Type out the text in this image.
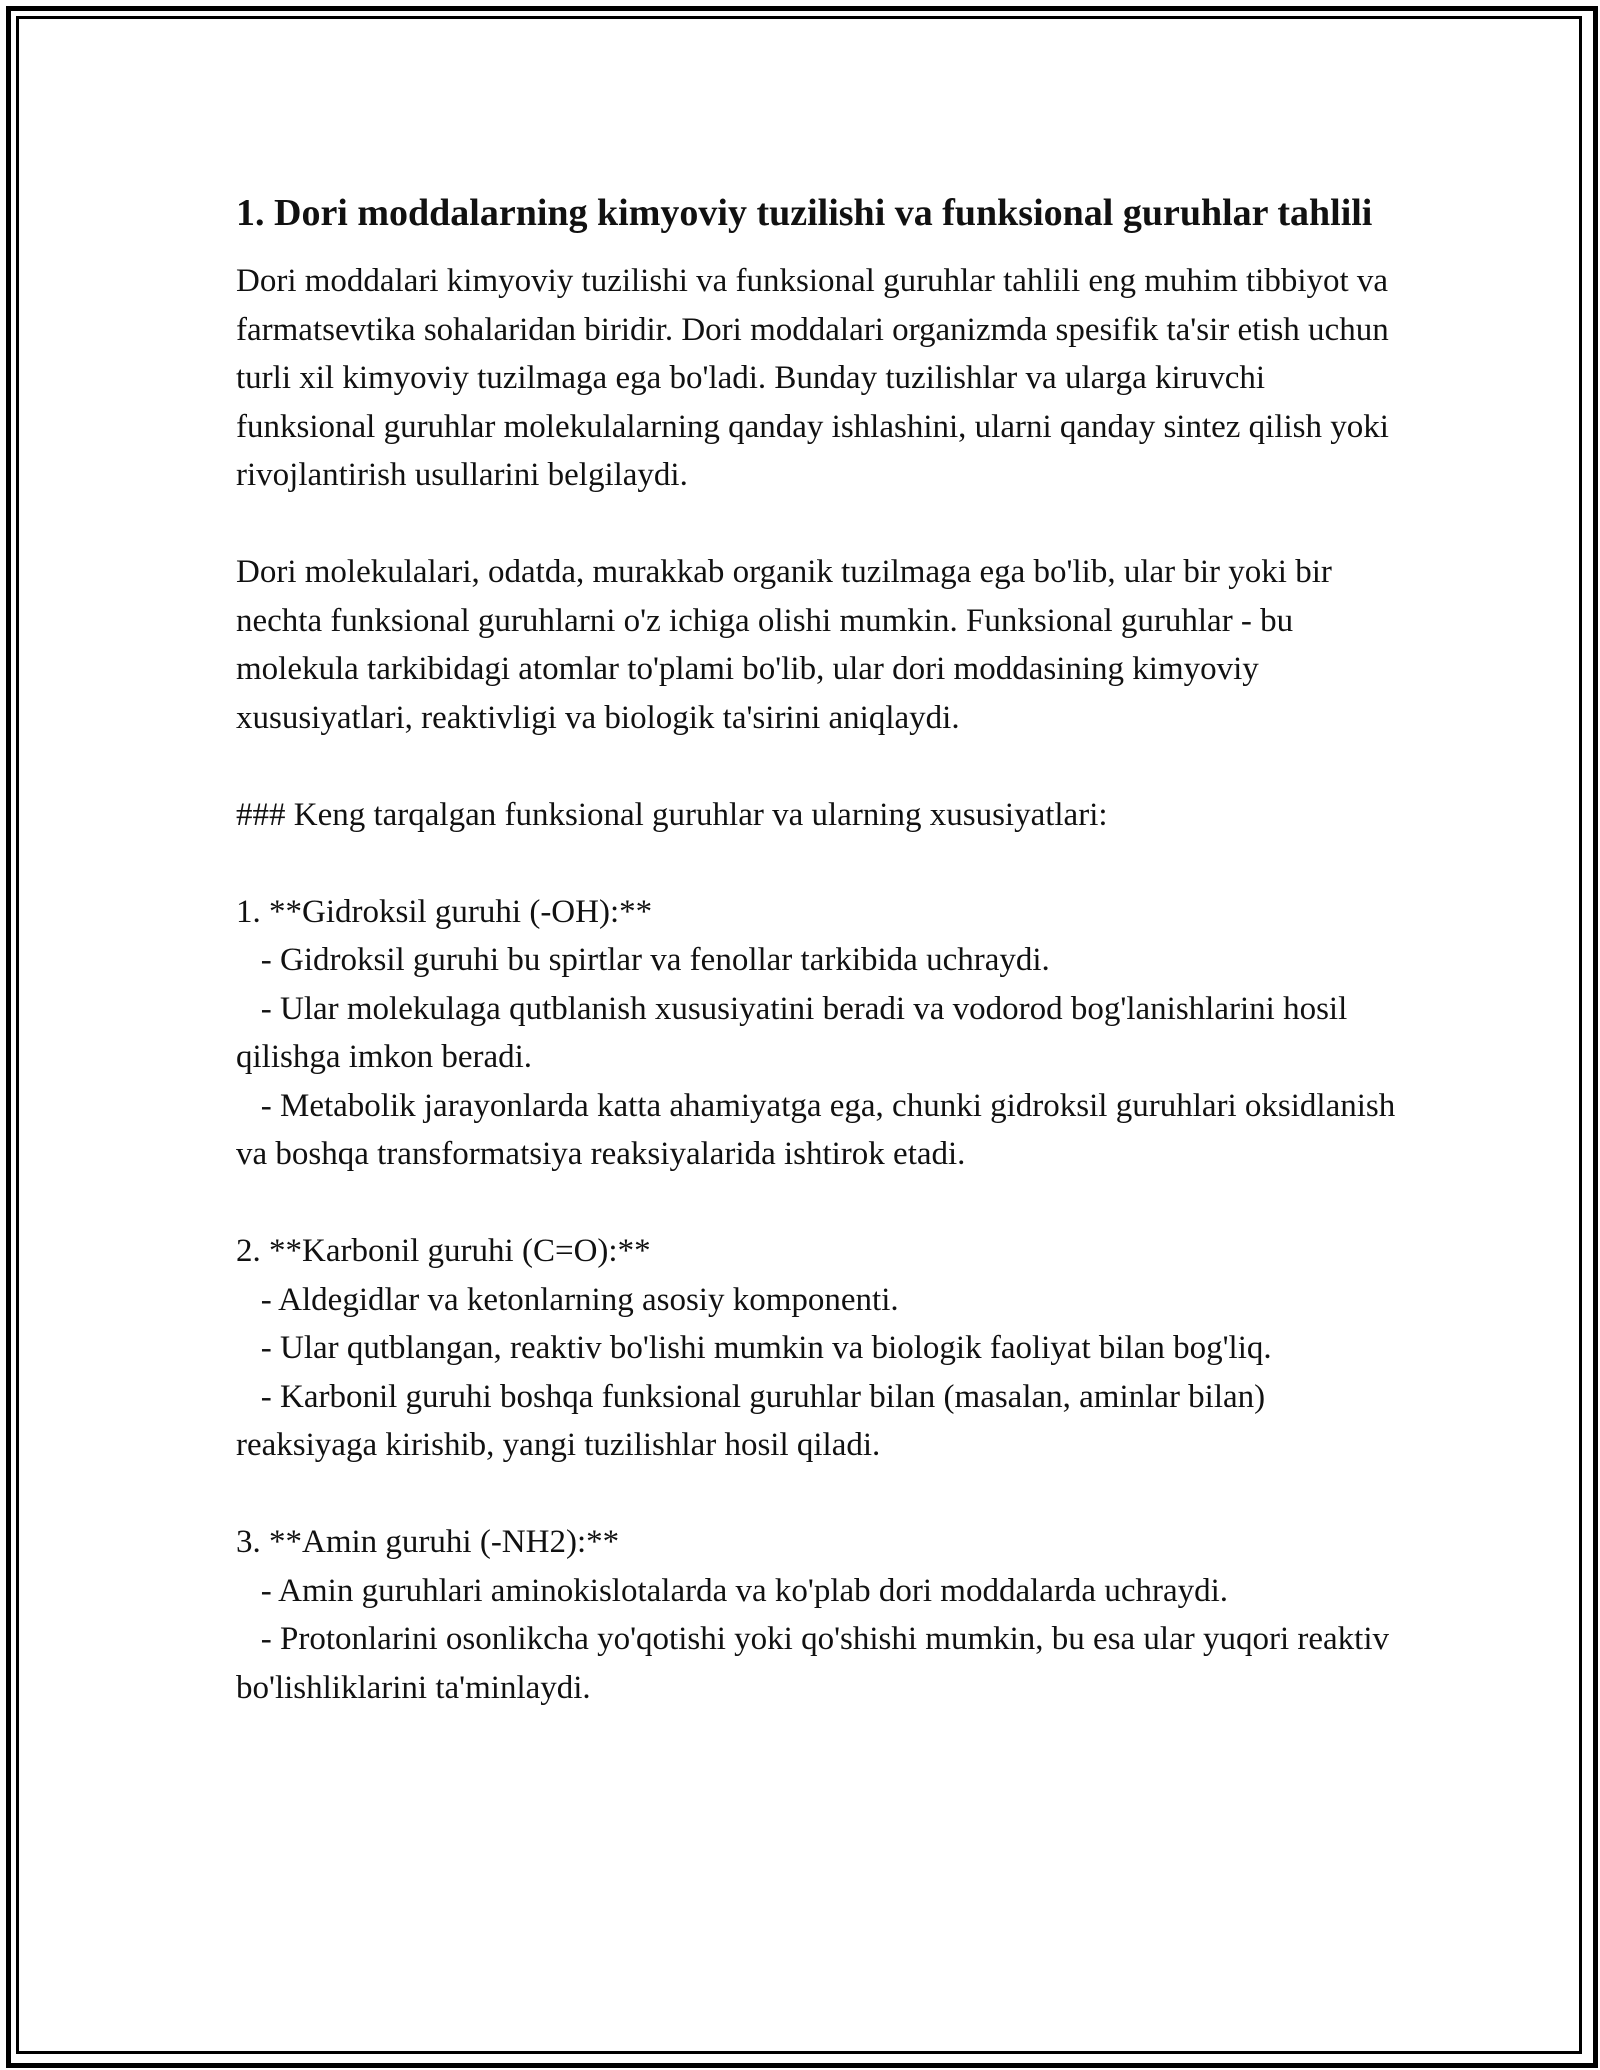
1. Dori moddalarning kimyoviy tuzilishi va funksional guruhlar tahlili

Dori moddalari kimyoviy tuzilishi va funksional guruhlar tahlili eng muhim tibbiyot va farmatsevtika sohalaridan biridir. Dori moddalari organizmda spesifik ta'sir etish uchun turli xil kimyoviy tuzilmaga ega bo'ladi. Bunday tuzilishlar va ularga kiruvchi funksional guruhlar molekulalarning qanday ishlashini, ularni qanday sintez qilish yoki rivojlantirish usullarini belgilaydi.

Dori molekulalari, odatda, murakkab organik tuzilmaga ega bo'lib, ular bir yoki bir nechta funksional guruhlarni o'z ichiga olishi mumkin. Funksional guruhlar - bu molekula tarkibidagi atomlar to'plami bo'lib, ular dori moddasining kimyoviy xususiyatlari, reaktivligi va biologik ta'sirini aniqlaydi.

### Keng tarqalgan funksional guruhlar va ularning xususiyatlari:

1. **Gidroksil guruhi (-OH):**

- Gidroksil guruhi bu spirtlar va fenollar tarkibida uchraydi.

- Ular molekulaga qutblanish xususiyatini beradi va vodorod bog'lanishlarini hosil qilishga imkon beradi.

- Metabolik jarayonlarda katta ahamiyatga ega, chunki gidroksil guruhlari oksidlanish va boshqa transformatsiya reaksiyalarida ishtirok etadi.

2. **Karbonil guruhi (C=O):**

- Aldegidlar va ketonlarning asosiy komponenti.

- Ular qutblangan, reaktiv bo'lishi mumkin va biologik faoliyat bilan bog'liq.

- Karbonil guruhi boshqa funksional guruhlar bilan (masalan, aminlar bilan) reaksiyaga kirishib, yangi tuzilishlar hosil qiladi.

3. **Amin guruhi (-NH2):**

- Amin guruhlari aminokislotalarda va ko'plab dori moddalarda uchraydi.

- Protonlarini osonlikcha yo'qotishi yoki qo'shishi mumkin, bu esa ular yuqori reaktiv bo'lishliklarini ta'minlaydi.
